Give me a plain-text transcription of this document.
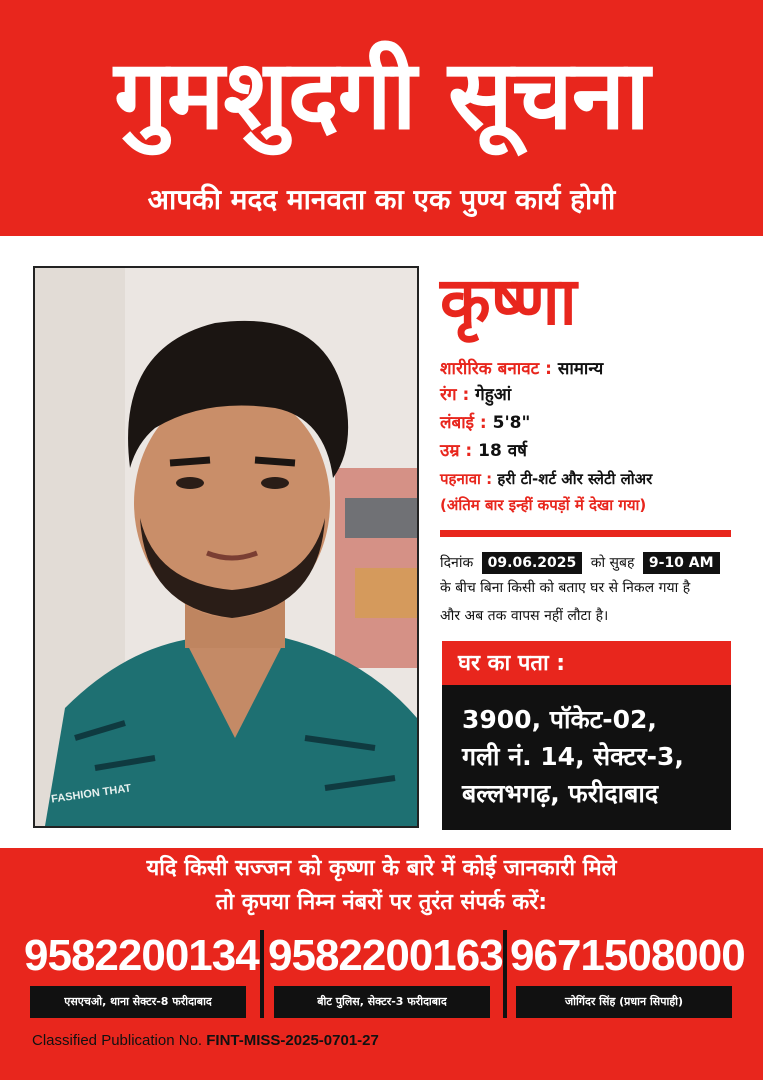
गुमशुदगी सूचना
आपकी मदद मानवता का एक पुण्य कार्य होगी
FASHION THAT
कृष्णा
शारीरिक बनावट : सामान्य
रंग : गेहुआं
लंबाई : 5'8"
उम्र : 18 वर्ष
पहनावा : हरी टी-शर्ट और स्लेटी लोअर
(अंतिम बार इन्हीं कपड़ों में देखा गया)
दिनांक 09.06.2025 को सुबह 9-10 AM
के बीच बिना किसी को बताए घर से निकल गया है
और अब तक वापस नहीं लौटा है।
घर का पता :
3900, पॉकेट-02,
गली नं. 14, सेक्टर-3,
बल्लभगढ़, फरीदाबाद
यदि किसी सज्जन को कृष्णा के बारे में कोई जानकारी मिले
तो कृपया निम्न नंबरों पर तुरंत संपर्क करें:
9582200134 9582200163 9671508000
एसएचओ, थाना सेक्टर-8 फरीदाबाद	बीट पुलिस, सेक्टर-3 फरीदाबाद	जोगिंदर सिंह (प्रधान सिपाही)
Classified Publication No. FINT-MISS-2025-0701-27
